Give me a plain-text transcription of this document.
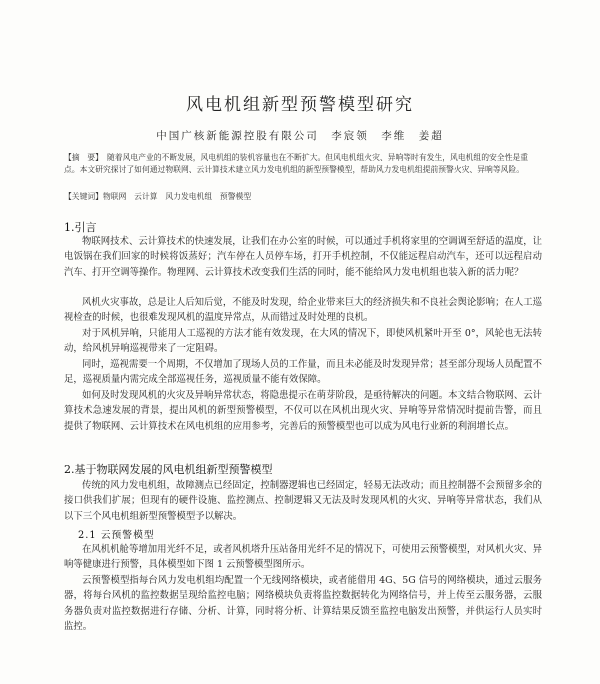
风电机组新型预警模型研究
中国广核新能源控股有限公司　李宸领　李维　姜超
【摘　要】 随着风电产业的不断发展，风电机组的装机容量也在不断扩大。但风电机组火灾、异响等时有发生，风电机组的安全性是重点。本文研究探讨了如何通过物联网、云计算技术建立风力发电机组的新型预警模型，帮助风力发电机组提前预警火灾、异响等风险。
【关键词】物联网　云计算　风力发电机组　预警模型
1.引言
物联网技术、云计算技术的快速发展，让我们在办公室的时候，可以通过手机将家里的空调调至舒适的温度，让电饭锅在我们回家的时候将饭蒸好；汽车停在人员停车场，打开手机控制，不仅能远程启动汽车，还可以远程启动汽车、打开空调等操作。物理网、云计算技术改变我们生活的同时，能不能给风力发电机组也装入新的活力呢？
风机火灾事故，总是让人后知后觉，不能及时发现，给企业带来巨大的经济损失和不良社会舆论影响；在人工巡视检查的时候，也很难发现风机的温度异常点，从而错过及时处理的良机。
对于风机异响，只能用人工巡视的方法才能有效发现，在大风的情况下，即使风机紧叶开至 0°，风轮也无法转动，给风机异响巡视带来了一定阻碍。
同时，巡视需要一个周期，不仅增加了现场人员的工作量，而且未必能及时发现异常；甚至部分现场人员配置不足，巡视质量内需完成全部巡视任务，巡视质量不能有效保障。
如何及时发现风机的火灾及异响异常状态，将隐患提示在萌芽阶段，是亟待解决的问题。本文结合物联网、云计算技术急速发展的背景，提出风机的新型预警模型，不仅可以在风机出现火灾、异响等异常情况时提前告警，而且提供了物联网、云计算技术在风电机组的应用参考，完善后的预警模型也可以成为风电行业新的利润增长点。
2.基于物联网发展的风电机组新型预警模型
传统的风力发电机组，故障测点已经固定，控制器逻辑也已经固定，轻易无法改动；而且控制器不会预留多余的接口供我们扩展；但现有的硬件设施、监控测点、控制逻辑又无法及时发现风机的火灾、异响等异常状态，我们从以下三个风电机组新型预警模型予以解决。
2.1 云预警模型
在风机机舱等增加用光纤不足，或者风机塔升压站备用光纤不足的情况下，可使用云预警模型，对风机火灾、异响等健康进行预警，具体模型如下图 1 云预警模型图所示。
云预警模型指每台风力发电机组均配置一个无线网络模块，或者能借用 4G、5G 信号的网络模块，通过云服务器，将每台风机的监控数据呈现给监控电脑；网络模块负责将监控数据转化为网络信号，并上传至云服务器，云服务器负责对监控数据进行存储、分析、计算，同时将分析、计算结果反馈至监控电脑发出预警，并供运行人员实时监控。
